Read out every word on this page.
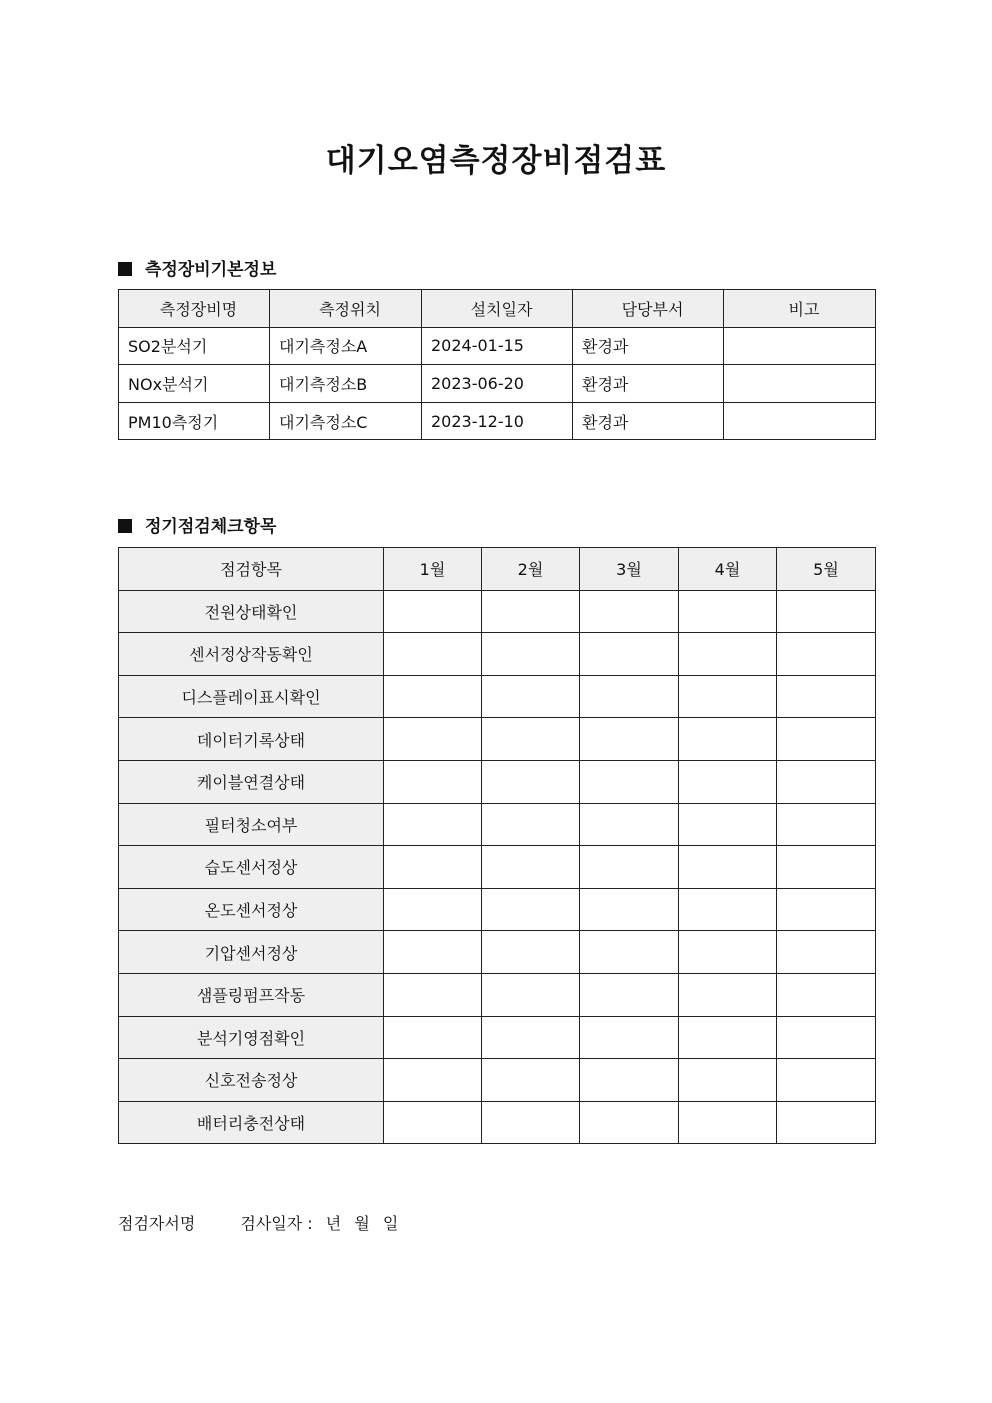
대기오염측정장비점검표
측정장비기본정보
측정장비명	측정위치	설치일자	담당부서	비고
SO2분석기	대기측정소A	2024-01-15	환경과	
NOx분석기	대기측정소B	2023-06-20	환경과	
PM10측정기	대기측정소C	2023-12-10	환경과	
정기점검체크항목
점검항목	1월	2월	3월	4월	5월
전원상태확인					
센서정상작동확인					
디스플레이표시확인					
데이터기록상태					
케이블연결상태					
필터청소여부					
습도센서정상					
온도센서정상					
기압센서정상					
샘플링펌프작동					
분석기영점확인					
신호전송정상					
배터리충전상태					
점검자서명	검사일자 : 년 월 일
